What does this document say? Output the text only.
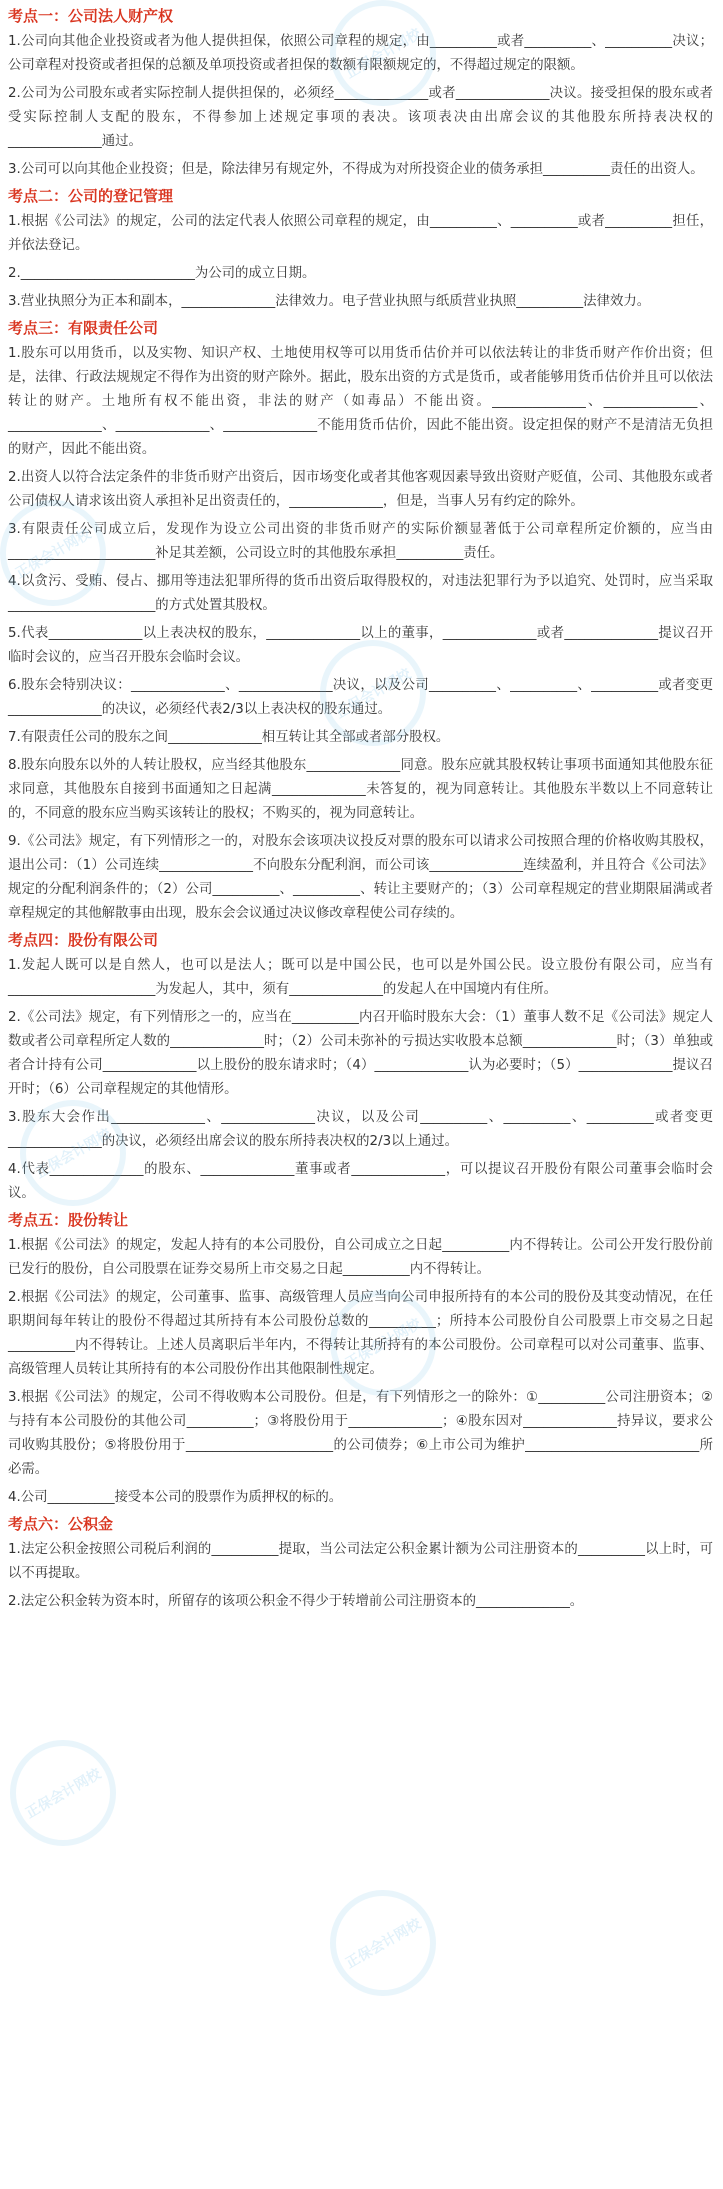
考点一：公司法人财产权
1.公司向其他企业投资或者为他人提供担保，依照公司章程的规定，由__________或者__________、__________决议；公司章程对投资或者担保的总额及单项投资或者担保的数额有限额规定的，不得超过规定的限额。
2.公司为公司股东或者实际控制人提供担保的，必须经______________或者______________决议。接受担保的股东或者受实际控制人支配的股东，不得参加上述规定事项的表决。该项表决由出席会议的其他股东所持表决权的______________通过。
3.公司可以向其他企业投资；但是，除法律另有规定外，不得成为对所投资企业的债务承担__________责任的出资人。
考点二：公司的登记管理
1.根据《公司法》的规定，公司的法定代表人依照公司章程的规定，由__________、__________或者__________担任，并依法登记。
2.__________________________为公司的成立日期。
3.营业执照分为正本和副本，______________法律效力。电子营业执照与纸质营业执照__________法律效力。
考点三：有限责任公司
1.股东可以用货币，以及实物、知识产权、土地使用权等可以用货币估价并可以依法转让的非货币财产作价出资；但是，法律、行政法规规定不得作为出资的财产除外。据此，股东出资的方式是货币，或者能够用货币估价并且可以依法转让的财产。土地所有权不能出资，非法的财产（如毒品）不能出资。______________、______________、______________、______________、______________不能用货币估价，因此不能出资。设定担保的财产不是清洁无负担的财产，因此不能出资。
2.出资人以符合法定条件的非货币财产出资后，因市场变化或者其他客观因素导致出资财产贬值，公司、其他股东或者公司债权人请求该出资人承担补足出资责任的，______________，但是，当事人另有约定的除外。
3.有限责任公司成立后，发现作为设立公司出资的非货币财产的实际价额显著低于公司章程所定价额的，应当由______________________补足其差额，公司设立时的其他股东承担__________责任。
4.以贪污、受贿、侵占、挪用等违法犯罪所得的货币出资后取得股权的，对违法犯罪行为予以追究、处罚时，应当采取______________________的方式处置其股权。
5.代表______________以上表决权的股东，______________以上的董事，______________或者______________提议召开临时会议的，应当召开股东会临时会议。
6.股东会特别决议：______________、______________决议，以及公司__________、__________、__________或者变更______________的决议，必须经代表2/3以上表决权的股东通过。
7.有限责任公司的股东之间______________相互转让其全部或者部分股权。
8.股东向股东以外的人转让股权，应当经其他股东______________同意。股东应就其股权转让事项书面通知其他股东征求同意，其他股东自接到书面通知之日起满______________未答复的，视为同意转让。其他股东半数以上不同意转让的，不同意的股东应当购买该转让的股权；不购买的，视为同意转让。
9.《公司法》规定，有下列情形之一的，对股东会该项决议投反对票的股东可以请求公司按照合理的价格收购其股权，退出公司：（1）公司连续______________不向股东分配利润，而公司该______________连续盈利，并且符合《公司法》规定的分配利润条件的；（2）公司__________、__________、转让主要财产的；（3）公司章程规定的营业期限届满或者章程规定的其他解散事由出现，股东会会议通过决议修改章程使公司存续的。
考点四：股份有限公司
1.发起人既可以是自然人，也可以是法人；既可以是中国公民，也可以是外国公民。设立股份有限公司，应当有______________________为发起人，其中，须有______________的发起人在中国境内有住所。
2.《公司法》规定，有下列情形之一的，应当在__________内召开临时股东大会：（1）董事人数不足《公司法》规定人数或者公司章程所定人数的______________时；（2）公司未弥补的亏损达实收股本总额______________时；（3）单独或者合计持有公司______________以上股份的股东请求时；（4）______________认为必要时；（5）______________提议召开时；（6）公司章程规定的其他情形。
3.股东大会作出______________、______________决议，以及公司__________、__________、__________或者变更______________的决议，必须经出席会议的股东所持表决权的2/3以上通过。
4.代表______________的股东、______________董事或者______________，可以提议召开股份有限公司董事会临时会议。
考点五：股份转让
1.根据《公司法》的规定，发起人持有的本公司股份，自公司成立之日起__________内不得转让。公司公开发行股份前已发行的股份，自公司股票在证券交易所上市交易之日起__________内不得转让。
2.根据《公司法》的规定，公司董事、监事、高级管理人员应当向公司申报所持有的本公司的股份及其变动情况，在任职期间每年转让的股份不得超过其所持有本公司股份总数的__________；所持本公司股份自公司股票上市交易之日起__________内不得转让。上述人员离职后半年内，不得转让其所持有的本公司股份。公司章程可以对公司董事、监事、高级管理人员转让其所持有的本公司股份作出其他限制性规定。
3.根据《公司法》的规定，公司不得收购本公司股份。但是，有下列情形之一的除外：①__________公司注册资本；②与持有本公司股份的其他公司__________；③将股份用于______________；④股东因对______________持异议，要求公司收购其股份；⑤将股份用于______________________的公司债券；⑥上市公司为维护__________________________所必需。
4.公司__________接受本公司的股票作为质押权的标的。
考点六：公积金
1.法定公积金按照公司税后利润的__________提取，当公司法定公积金累计额为公司注册资本的__________以上时，可以不再提取。
2.法定公积金转为资本时，所留存的该项公积金不得少于转增前公司注册资本的______________。
正保会计网校
正保会计网校
正保会计网校
正保会计网校
正保会计网校
正保会计网校
正保会计网校
